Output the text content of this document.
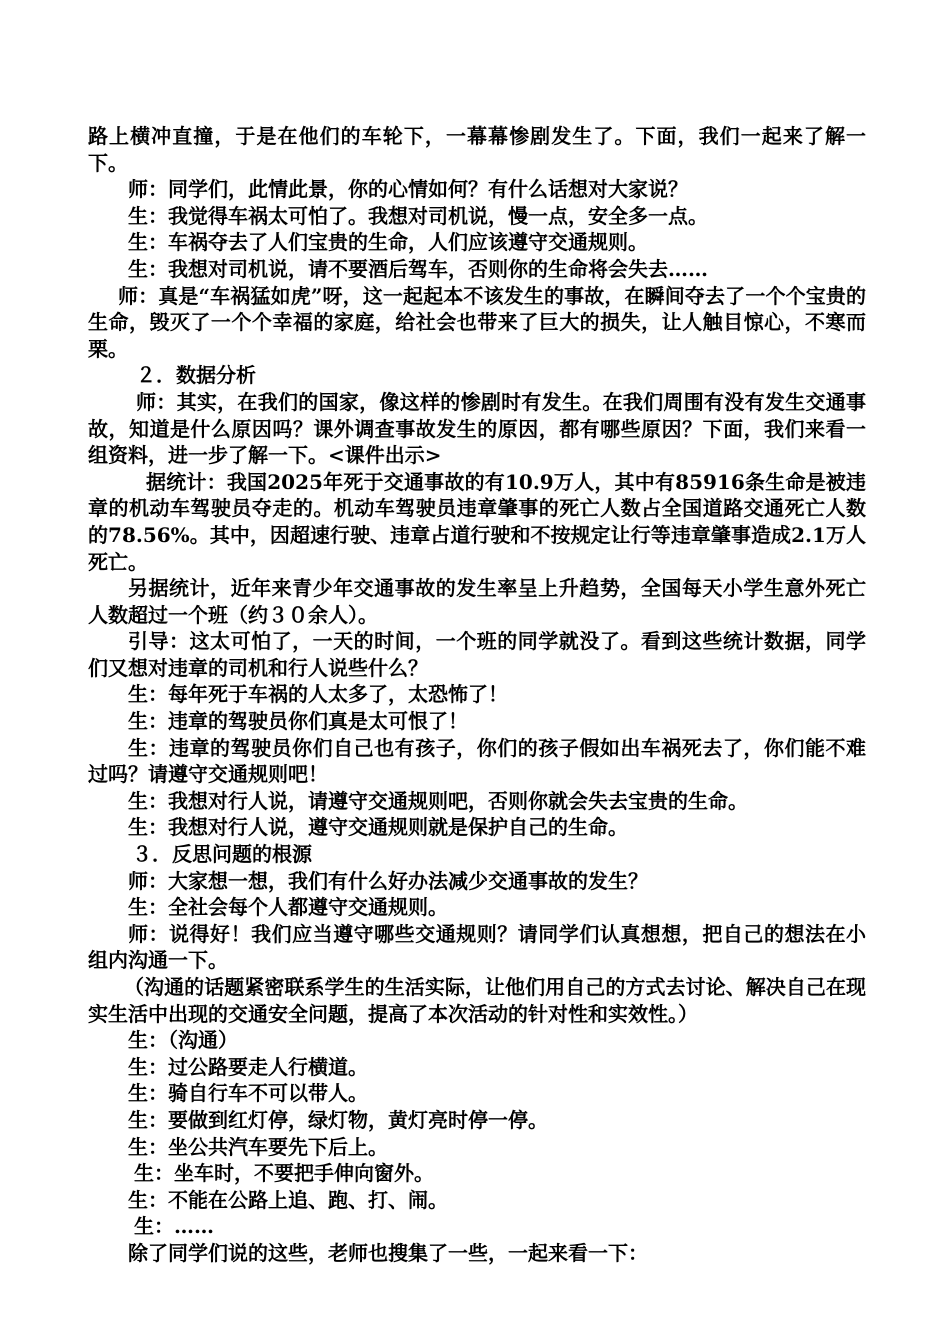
路上横冲直撞，于是在他们的车轮下，一幕幕惨剧发生了。下面，我们一起来了解一下。

师：同学们，此情此景，你的心情如何？有什么话想对大家说？

生：我觉得车祸太可怕了。我想对司机说，慢一点，安全多一点。

生：车祸夺去了人们宝贵的生命，人们应该遵守交通规则。

生：我想对司机说，请不要酒后驾车，否则你的生命将会失去……

师：真是“车祸猛如虎”呀，这一起起本不该发生的事故，在瞬间夺去了一个个宝贵的生命，毁灭了一个个幸福的家庭，给社会也带来了巨大的损失，让人触目惊心，不寒而栗。

２．数据分析

师：其实，在我们的国家，像这样的惨剧时有发生。在我们周围有没有发生交通事故，知道是什么原因吗？课外调查事故发生的原因，都有哪些原因？下面，我们来看一组资料，进一步了解一下。<课件出示>

据统计：我国2025年死于交通事故的有10.9万人，其中有85916条生命是被违章的机动车驾驶员夺走的。机动车驾驶员违章肇事的死亡人数占全国道路交通死亡人数的78.56%。其中，因超速行驶、违章占道行驶和不按规定让行等违章肇事造成2.1万人死亡。

另据统计，近年来青少年交通事故的发生率呈上升趋势，全国每天小学生意外死亡人数超过一个班（约３０余人）。

引导：这太可怕了，一天的时间，一个班的同学就没了。看到这些统计数据，同学们又想对违章的司机和行人说些什么？

生：每年死于车祸的人太多了，太恐怖了！

生：违章的驾驶员你们真是太可恨了！

生：违章的驾驶员你们自己也有孩子，你们的孩子假如出车祸死去了，你们能不难过吗？请遵守交通规则吧！

生：我想对行人说，请遵守交通规则吧，否则你就会失去宝贵的生命。

生：我想对行人说，遵守交通规则就是保护自己的生命。

３．反思问题的根源

师：大家想一想，我们有什么好办法减少交通事故的发生？

生：全社会每个人都遵守交通规则。

师：说得好！我们应当遵守哪些交通规则？请同学们认真想想，把自己的想法在小组内沟通一下。

（沟通的话题紧密联系学生的生活实际，让他们用自己的方式去讨论、解决自己在现实生活中出现的交通安全问题，提高了本次活动的针对性和实效性。）

生：（沟通）

生：过公路要走人行横道。

生：骑自行车不可以带人。

生：要做到红灯停，绿灯物，黄灯亮时停一停。

生：坐公共汽车要先下后上。

生：坐车时，不要把手伸向窗外。

生：不能在公路上追、跑、打、闹。

生：……

除了同学们说的这些，老师也搜集了一些，一起来看一下：
